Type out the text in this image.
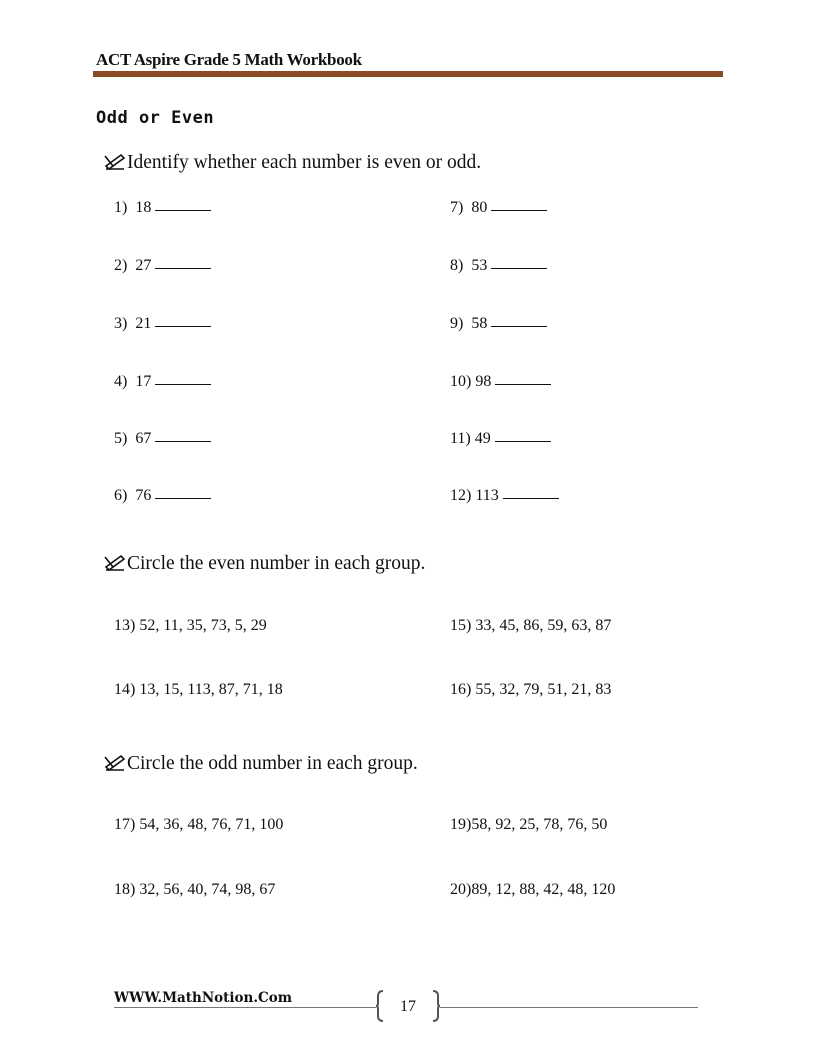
ACT Aspire Grade 5 Math Workbook
Odd or Even
Identify whether each number is even or odd.
1) 18
2) 27
3) 21
4) 17
5) 67
6) 76
7) 80
8) 53
9) 58
10) 98
11) 49
12) 113
Circle the even number in each group.
13) 52, 11, 35, 73, 5, 29	15) 33, 45, 86, 59, 63, 87
14) 13, 15, 113, 87, 71, 18	16) 55, 32, 79, 51, 21, 83
Circle the odd number in each group.
17) 54, 36, 48, 76, 71, 100	19)58, 92, 25, 78, 76, 50
18) 32, 56, 40, 74, 98, 67	20)89, 12, 88, 42, 48, 120
WWW.MathNotion.Com	17
